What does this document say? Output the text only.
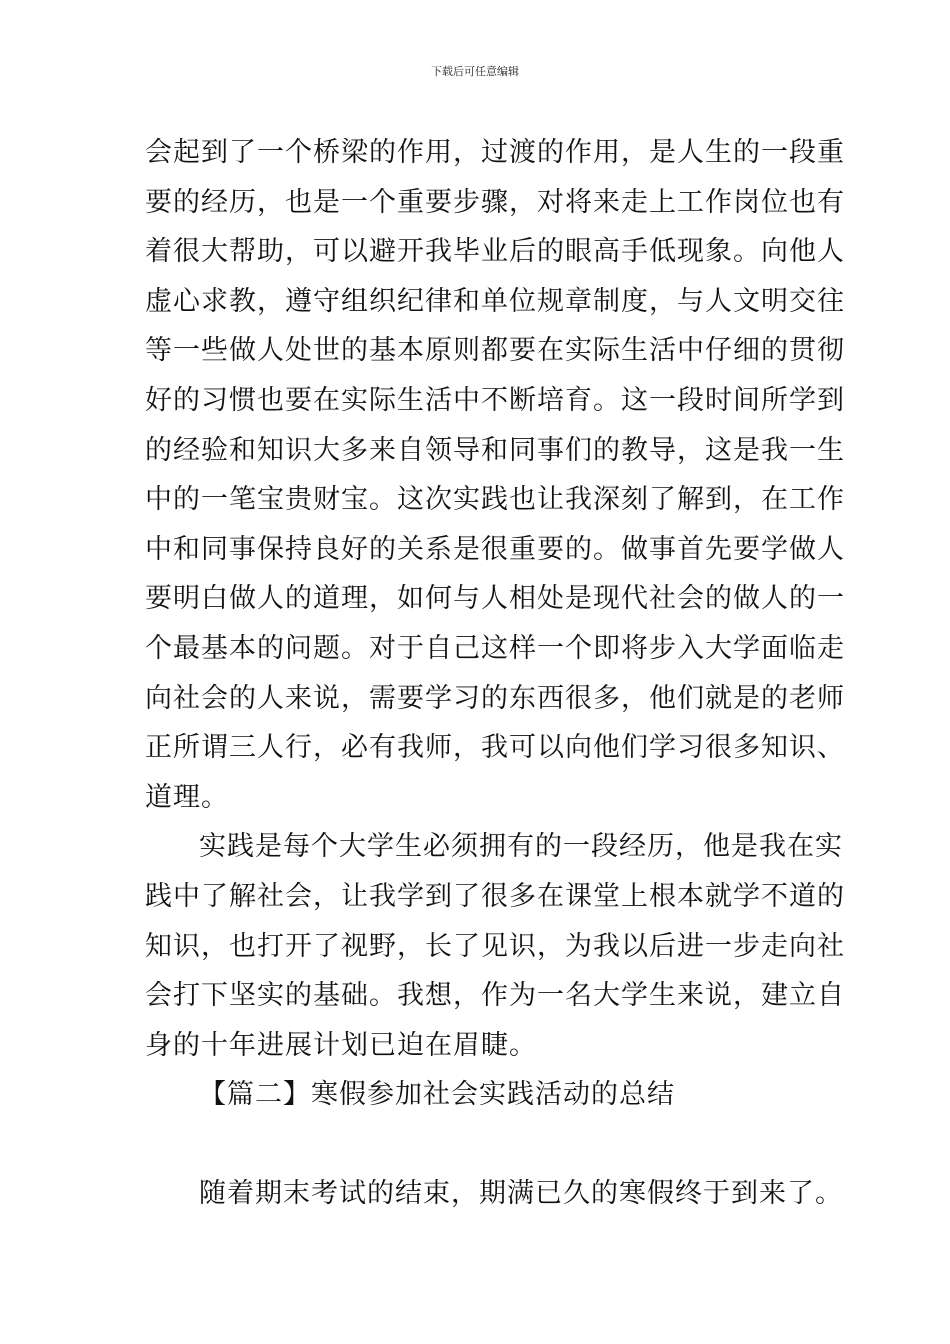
下载后可任意编辑
会起到了一个桥梁的作用，过渡的作用，是人生的一段重
要的经历，也是一个重要步骤，对将来走上工作岗位也有
着很大帮助，可以避开我毕业后的眼高手低现象。向他人
虚心求教，遵守组织纪律和单位规章制度，与人文明交往
等一些做人处世的基本原则都要在实际生活中仔细的贯彻
好的习惯也要在实际生活中不断培育。这一段时间所学到
的经验和知识大多来自领导和同事们的教导，这是我一生
中的一笔宝贵财宝。这次实践也让我深刻了解到，在工作
中和同事保持良好的关系是很重要的。做事首先要学做人
要明白做人的道理，如何与人相处是现代社会的做人的一
个最基本的问题。对于自己这样一个即将步入大学面临走
向社会的人来说，需要学习的东西很多，他们就是的老师
正所谓三人行，必有我师，我可以向他们学习很多知识、
道理。
实践是每个大学生必须拥有的一段经历，他是我在实
践中了解社会，让我学到了很多在课堂上根本就学不道的
知识，也打开了视野，长了见识，为我以后进一步走向社
会打下坚实的基础。我想，作为一名大学生来说，建立自
身的十年进展计划已迫在眉睫。
【篇二】寒假参加社会实践活动的总结
随着期末考试的结束，期满已久的寒假终于到来了。
